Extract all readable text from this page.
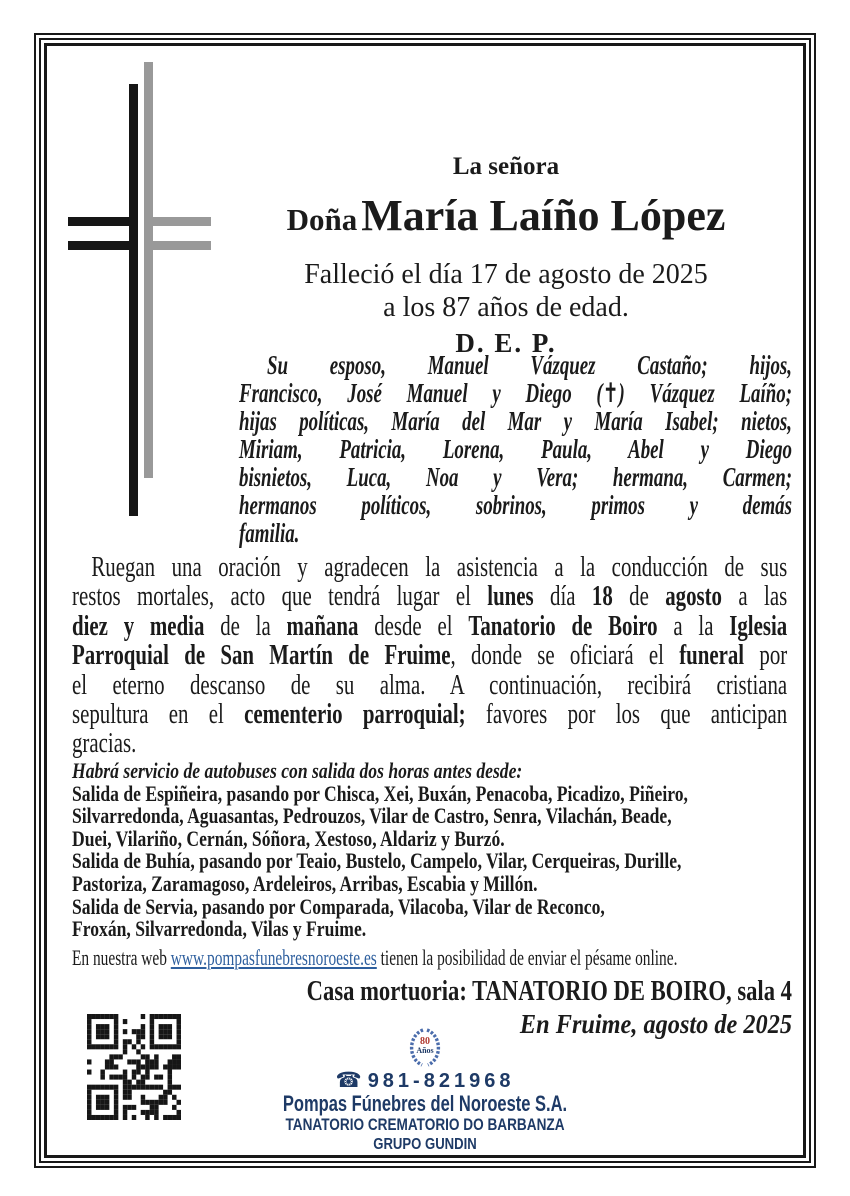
La señora
Doña María Laíño López
Falleció el día 17 de agosto de 2025
a los 87 años de edad.
D. E. P.
Su esposo, Manuel Vázquez Castaño; hijos,
Francisco, José Manuel y Diego (✝) Vázquez Laíño;
hijas políticas, María del Mar y María Isabel; nietos,
Miriam, Patricia, Lorena, Paula, Abel y Diego
bisnietos, Luca, Noa y Vera; hermana, Carmen;
hermanos políticos, sobrinos, primos y demás
familia.
Ruegan una oración y agradecen la asistencia a la conducción de sus
restos mortales, acto que tendrá lugar el lunes día 18 de agosto a las
diez y media de la mañana desde el Tanatorio de Boiro a la Iglesia
Parroquial de San Martín de Fruime, donde se oficiará el funeral por
el eterno descanso de su alma. A continuación, recibirá cristiana
sepultura en el cementerio parroquial; favores por los que anticipan
gracias.
Habrá servicio de autobuses con salida dos horas antes desde:
Salida de Espiñeira, pasando por Chisca, Xei, Buxán, Penacoba, Picadizo, Piñeiro,
Silvarredonda, Aguasantas, Pedrouzos, Vilar de Castro, Senra, Vilachán, Beade,
Duei, Vilariño, Cernán, Sóñora, Xestoso, Aldariz y Burzó.
Salida de Buhía, pasando por Teaio, Bustelo, Campelo, Vilar, Cerqueiras, Durille,
Pastoriza, Zaramagoso, Ardeleiros, Arribas, Escabia y Millón.
Salida de Servia, pasando por Comparada, Vilacoba, Vilar de Reconco,
Froxán, Silvarredonda, Vilas y Fruime.
En nuestra web www.pompasfunebresnoroeste.es tienen la posibilidad de enviar el pésame online.
Casa mortuoria: TANATORIO DE BOIRO, sala 4
En Fruime, agosto de 2025
80
Años
☎ 981-821968
Pompas Fúnebres del Noroeste S.A.
TANATORIO CREMATORIO DO BARBANZA
GRUPO GUNDIN
